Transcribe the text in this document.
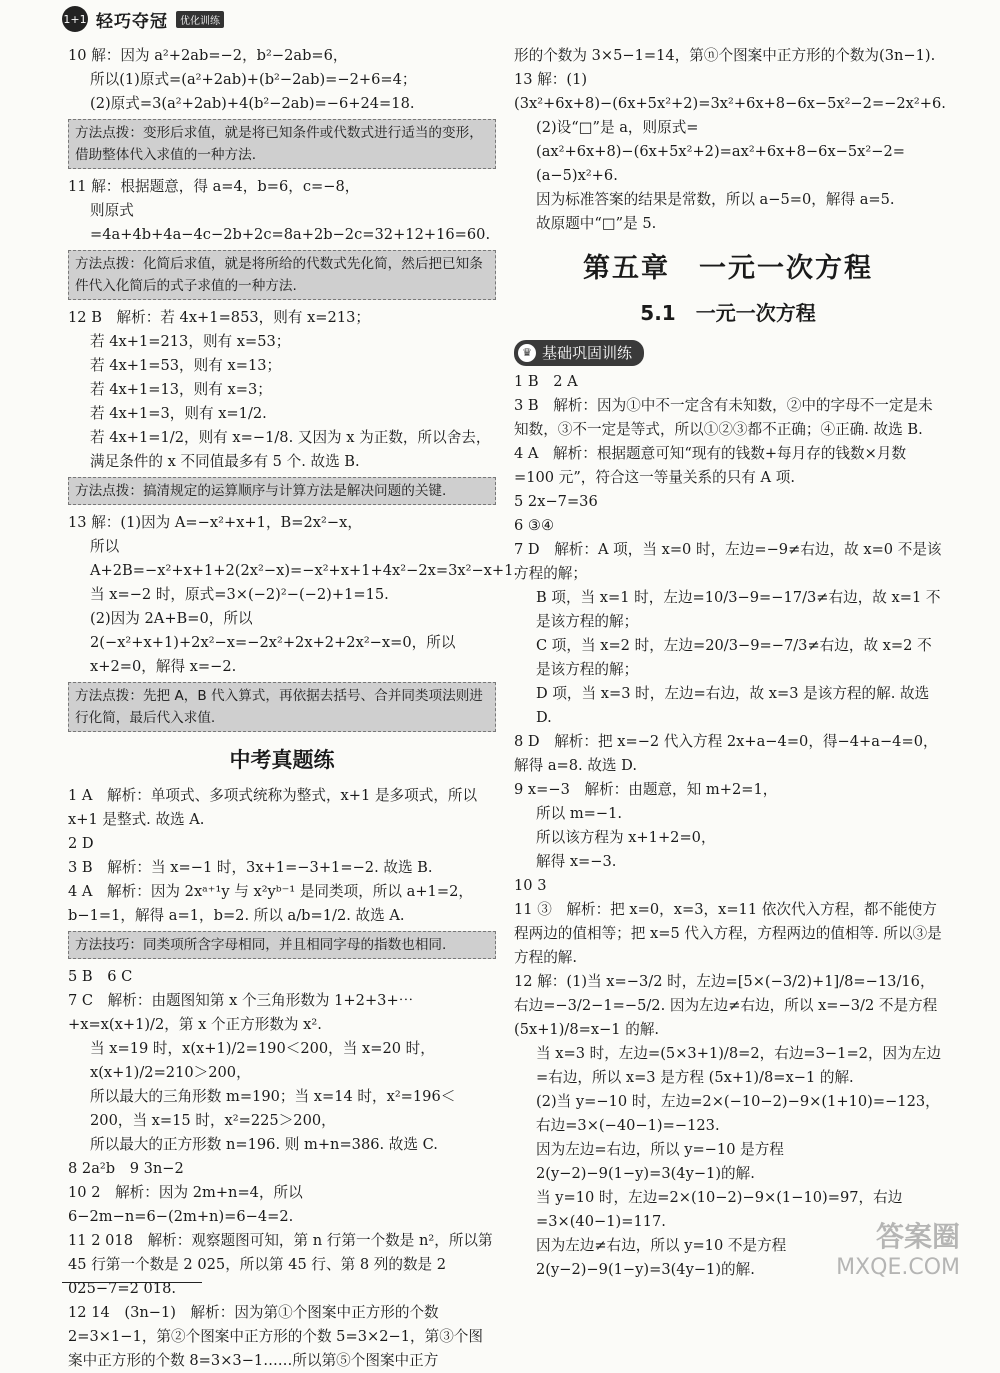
1+1 轻巧夺冠	优化训练

10 解：因为 a²+2ab=−2，b²−2ab=6，

所以(1)原式=(a²+2ab)+(b²−2ab)=−2+6=4；

(2)原式=3(a²+2ab)+4(b²−2ab)=−6+24=18.

方法点拨：变形后求值，就是将已知条件或代数式进行适当的变形，借助整体代入求值的一种方法.

11 解：根据题意，得 a=4，b=6，c=−8，

则原式=4a+4b+4a−4c−2b+2c=8a+2b−2c=32+12+16=60.

方法点拨：化简后求值，就是将所给的代数式先化简，然后把已知条件代入化简后的式子求值的一种方法.

12 B　解析：若 4x+1=853，则有 x=213；

若 4x+1=213，则有 x=53；

若 4x+1=53，则有 x=13；

若 4x+1=13，则有 x=3；

若 4x+1=3，则有 x=1/2.

若 4x+1=1/2，则有 x=−1/8. 又因为 x 为正数，所以舍去，

满足条件的 x 不同值最多有 5 个. 故选 B.

方法点拨：搞清规定的运算顺序与计算方法是解决问题的关键.

13 解：(1)因为 A=−x²+x+1，B=2x²−x，

所以 A+2B=−x²+x+1+2(2x²−x)=−x²+x+1+4x²−2x=3x²−x+1.

当 x=−2 时，原式=3×(−2)²−(−2)+1=15.

(2)因为 2A+B=0，所以 2(−x²+x+1)+2x²−x=−2x²+2x+2+2x²−x=0，所以 x+2=0，解得 x=−2.

方法点拨：先把 A，B 代入算式，再依据去括号、合并同类项法则进行化简，最后代入求值.
中考真题练

1 A　解析：单项式、多项式统称为整式，x+1 是多项式，所以 x+1 是整式. 故选 A.

2 D

3 B　解析：当 x=−1 时，3x+1=−3+1=−2. 故选 B.

4 A　解析：因为 2xᵃ⁺¹y 与 x²yᵇ⁻¹ 是同类项，所以 a+1=2，b−1=1，解得 a=1，b=2. 所以 a/b=1/2. 故选 A.

方法技巧：同类项所含字母相同，并且相同字母的指数也相同.

5 B　6 C

7 C　解析：由题图知第 x 个三角形数为 1+2+3+⋯+x=x(x+1)/2，第 x 个正方形数为 x².

当 x=19 时，x(x+1)/2=190＜200，当 x=20 时，x(x+1)/2=210＞200，

所以最大的三角形数 m=190；当 x=14 时，x²=196＜200，当 x=15 时，x²=225＞200，

所以最大的正方形数 n=196. 则 m+n=386. 故选 C.

8 2a²b　9 3n−2

10 2　解析：因为 2m+n=4，所以 6−2m−n=6−(2m+n)=6−4=2.

11 2 018　解析：观察题图可知，第 n 行第一个数是 n²，所以第 45 行第一个数是 2 025，所以第 45 行、第 8 列的数是 2 025−7=2 018.

12 14　(3n−1)　解析：因为第①个图案中正方形的个数 2=3×1−1，第②个图案中正方形的个数 5=3×2−1，第③个图案中正方形的个数 8=3×3−1……所以第⑤个图案中正方

形的个数为 3×5−1=14，第ⓝ个图案中正方形的个数为(3n−1).

13 解：(1)(3x²+6x+8)−(6x+5x²+2)=3x²+6x+8−6x−5x²−2=−2x²+6.

(2)设“□”是 a，则原式=(ax²+6x+8)−(6x+5x²+2)=ax²+6x+8−6x−5x²−2=(a−5)x²+6.

因为标准答案的结果是常数，所以 a−5=0，解得 a=5.

故原题中“□”是 5.

第五章　一元一次方程
5.1　一元一次方程
♛ 基础巩固训练

1 B　2 A

3 B　解析：因为①中不一定含有未知数，②中的字母不一定是未知数，③不一定是等式，所以①②③都不正确；④正确. 故选 B.

4 A　解析：根据题意可知“现有的钱数+每月存的钱数×月数=100 元”，符合这一等量关系的只有 A 项.

5 2x−7=36

6 ③④

7 D　解析：A 项，当 x=0 时，左边=−9≠右边，故 x=0 不是该方程的解；

B 项，当 x=1 时，左边=10/3−9=−17/3≠右边，故 x=1 不是该方程的解；

C 项，当 x=2 时，左边=20/3−9=−7/3≠右边，故 x=2 不是该方程的解；

D 项，当 x=3 时，左边=右边，故 x=3 是该方程的解. 故选 D.

8 D　解析：把 x=−2 代入方程 2x+a−4=0，得−4+a−4=0，解得 a=8. 故选 D.

9 x=−3　解析：由题意，知 m+2=1，

所以 m=−1.

所以该方程为 x+1+2=0，

解得 x=−3.

10 3

11 ③　解析：把 x=0，x=3，x=11 依次代入方程，都不能使方程两边的值相等；把 x=5 代入方程，方程两边的值相等. 所以③是方程的解.

12 解：(1)当 x=−3/2 时，左边=[5×(−3/2)+1]/8=−13/16，右边=−3/2−1=−5/2. 因为左边≠右边，所以 x=−3/2 不是方程 (5x+1)/8=x−1 的解.

当 x=3 时，左边=(5×3+1)/8=2，右边=3−1=2，因为左边=右边，所以 x=3 是方程 (5x+1)/8=x−1 的解.

(2)当 y=−10 时，左边=2×(−10−2)−9×(1+10)=−123，右边=3×(−40−1)=−123.

因为左边=右边，所以 y=−10 是方程 2(y−2)−9(1−y)=3(4y−1)的解.

当 y=10 时，左边=2×(10−2)−9×(1−10)=97，右边=3×(40−1)=117.

因为左边≠右边，所以 y=10 不是方程 2(y−2)−9(1−y)=3(4y−1)的解.

答案圈
MXQE.COM
